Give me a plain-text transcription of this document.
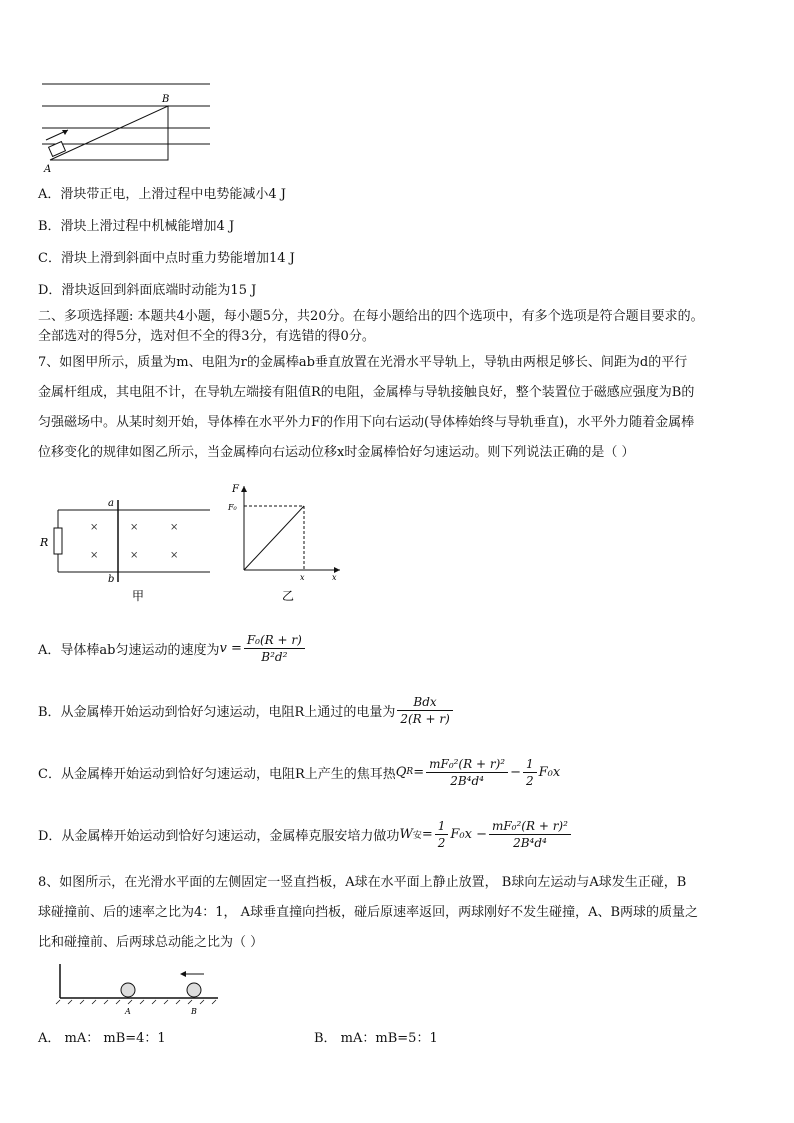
B
A
A．滑块带正电，上滑过程中电势能减小4 J
B．滑块上滑过程中机械能增加4 J
C．滑块上滑到斜面中点时重力势能增加14 J
D．滑块返回到斜面底端时动能为15 J
二、多项选择题: 本题共4小题，每小题5分，共20分。在每小题给出的四个选项中，有多个选项是符合题目要求的。
全部选对的得5分，选对但不全的得3分，有选错的得0分。
7、如图甲所示，质量为m、电阻为r的金属棒ab垂直放置在光滑水平导轨上，导轨由两根足够长、间距为d的平行
金属杆组成，其电阻不计，在导轨左端接有阻值R的电阻，金属棒与导轨接触良好，整个装置位于磁感应强度为B的
匀强磁场中。从某时刻开始，导体棒在水平外力F的作用下向右运动(导体棒始终与导轨垂直)，水平外力随着金属棒
位移变化的规律如图乙所示，当金属棒向右运动位移x时金属棒恰好匀速运动。则下列说法正确的是（ ）
R
a
b
×	×	×
×	×	×
甲
F
F₀
x	x
乙
A．导体棒ab匀速运动的速度为 $v = \frac{\text{F₀(R + r)}}{\text{B²d²}}$
B．从金属棒开始运动到恰好匀速运动，电阻R上通过的电量为 $\frac{\text{Bdx}}{2(R + r)}$
C．从金属棒开始运动到恰好匀速运动，电阻R上产生的焦耳热 Q $R = \frac{\text{mF₀²(R + r)²}}{\text{2B⁴d⁴}} - \frac{1}{2} F_0x$
D．从金属棒开始运动到恰好匀速运动，金属棒克服安培力做功 W 安 = $\frac{1}{2} F_0x - \frac{\text{mF₀²(R + r)²}}{\text{2B⁴d⁴}}$
8、如图所示，在光滑水平面的左侧固定一竖直挡板，A球在水平面上静止放置， B球向左运动与A球发生正碰，B
球碰撞前、后的速率之比为4：1， A球垂直撞向挡板，碰后原速率返回，两球刚好不发生碰撞，A、B两球的质量之
比和碰撞前、后两球总动能之比为（ ）
A	B
A． mA： mB=4：1	B． mA：mB=5：1
